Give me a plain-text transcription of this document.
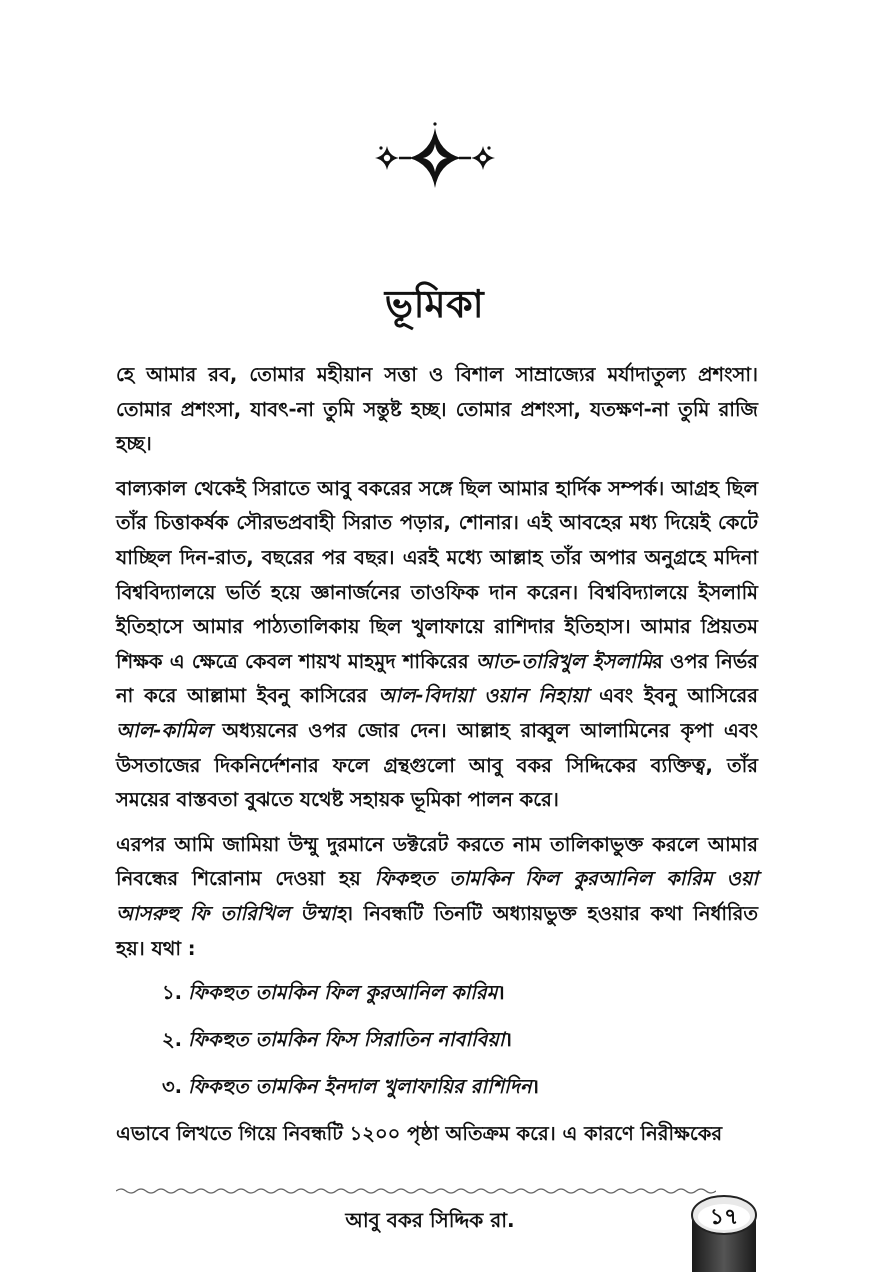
ভূমিকা

হে আমার রব, তোমার মহীয়ান সত্তা ও বিশাল সাম্রাজ্যের মর্যাদাতুল্য প্রশংসা। তোমার প্রশংসা, যাবৎ-না তুমি সন্তুষ্ট হচ্ছ। তোমার প্রশংসা, যতক্ষণ-না তুমি রাজি হচ্ছ।

বাল্যকাল থেকেই সিরাতে আবু বকরের সঙ্গে ছিল আমার হার্দিক সম্পর্ক। আগ্রহ ছিল তাঁর চিত্তাকর্ষক সৌরভপ্রবাহী সিরাত পড়ার, শোনার। এই আবহের মধ্য দিয়েই কেটে যাচ্ছিল দিন-রাত, বছরের পর বছর। এরই মধ্যে আল্লাহ তাঁর অপার অনুগ্রহে মদিনা বিশ্ববিদ্যালয়ে ভর্তি হয়ে জ্ঞানার্জনের তাওফিক দান করেন। বিশ্ববিদ্যালয়ে ইসলামি ইতিহাসে আমার পাঠ্যতালিকায় ছিল খুলাফায়ে রাশিদার ইতিহাস। আমার প্রিয়তম শিক্ষক এ ক্ষেত্রে কেবল শায়খ মাহমুদ শাকিরের আত-তারিখুল ইসলামির ওপর নির্ভর না করে আল্লামা ইবনু কাসিরের আল-বিদায়া ওয়ান নিহায়া এবং ইবনু আসিরের আল-কামিল অধ্যয়নের ওপর জোর দেন। আল্লাহ রাব্বুল আলামিনের কৃপা এবং উসতাজের দিকনির্দেশনার ফলে গ্রন্থগুলো আবু বকর সিদ্দিকের ব্যক্তিত্ব, তাঁর সময়ের বাস্তবতা বুঝতে যথেষ্ট সহায়ক ভূমিকা পালন করে।

এরপর আমি জামিয়া উম্মু দুরমানে ডক্টরেট করতে নাম তালিকাভুক্ত করলে আমার নিবন্ধের শিরোনাম দেওয়া হয় ফিকহুত তামকিন ফিল কুরআনিল কারিম ওয়া আসরুহু ফি তারিখিল উম্মাহ। নিবন্ধটি তিনটি অধ্যায়ভুক্ত হওয়ার কথা নির্ধারিত হয়। যথা :

১. ফিকহুত তামকিন ফিল কুরআনিল কারিম।
২. ফিকহুত তামকিন ফিস সিরাতিন নাবাবিয়া।
৩. ফিকহুত তামকিন ইনদাল খুলাফায়ির রাশিদিন।

এভাবে লিখতে গিয়ে নিবন্ধটি ১২০০ পৃষ্ঠা অতিক্রম করে। এ কারণে নিরীক্ষকের

আবু বকর সিদ্দিক রা.	১৭
